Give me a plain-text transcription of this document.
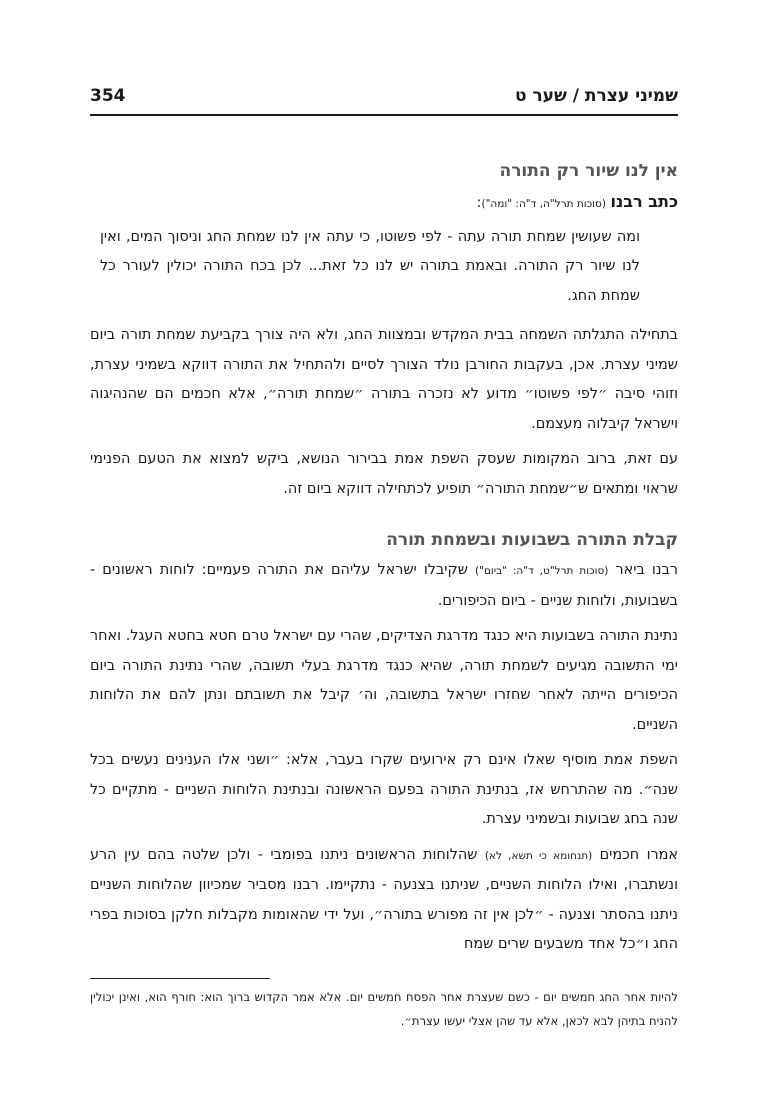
שמיני עצרת / שער ט
354
אין לנו שיור רק התורה

כתב רבנו (סוכות תרל"ה, ד"ה: "ומה"):

ומה שעושין שמחת תורה עתה - לפי פשוטו, כי עתה אין לנו שמחת החג וניסוך המים, ואין לנו שיור רק התורה. ובאמת בתורה יש לנו כל זאת... לכן בכח התורה יכולין לעורר כל שמחת החג.

בתחילה התגלתה השמחה בבית המקדש ובמצוות החג, ולא היה צורך בקביעת שמחת תורה ביום שמיני עצרת. אכן, בעקבות החורבן נולד הצורך לסיים ולהתחיל את התורה דווקא בשמיני עצרת, וזוהי סיבה ״לפי פשוטו״ מדוע לא נזכרה בתורה ״שמחת תורה״, אלא חכמים הם שהנהיגוה וישראל קיבלוה מעצמם.

עם זאת, ברוב המקומות שעסק השפת אמת בבירור הנושא, ביקש למצוא את הטעם הפנימי שראוי ומתאים ש״שמחת התורה״ תופיע לכתחילה דווקא ביום זה.

קבלת התורה בשבועות ובשמחת תורה

רבנו ביאר (סוכות תרל"ט, ד"ה: "ביום") שקיבלו ישראל עליהם את התורה פעמיים: לוחות ראשונים - בשבועות, ולוחות שניים - ביום הכיפורים.

נתינת התורה בשבועות היא כנגד מדרגת הצדיקים, שהרי עם ישראל טרם חטא בחטא העגל. ואחר ימי התשובה מגיעים לשמחת תורה, שהיא כנגד מדרגת בעלי תשובה, שהרי נתינת התורה ביום הכיפורים הייתה לאחר שחזרו ישראל בתשובה, וה׳ קיבל את תשובתם ונתן להם את הלוחות השניים.

השפת אמת מוסיף שאלו אינם רק אירועים שקרו בעבר, אלא: ״ושני אלו הענינים נעשים בכל שנה״. מה שהתרחש אז, בנתינת התורה בפעם הראשונה ובנתינת הלוחות השניים - מתקיים כל שנה בחג שבועות ובשמיני עצרת.

אמרו חכמים (תנחומא כי תשא, לא) שהלוחות הראשונים ניתנו בפומבי - ולכן שלטה בהם עין הרע ונשתברו, ואילו הלוחות השניים, שניתנו בצנעה - נתקיימו. רבנו מסביר שמכיוון שהלוחות השניים ניתנו בהסתר וצנעה - ״לכן אין זה מפורש בתורה״, ועל ידי שהאומות מקבלות חלקן בסוכות בפרי החג ו״כל אחד משבעים שרים שמח

להיות אחר החג חמשים יום - כשם שעצרת אחר הפסח חמשים יום. אלא אמר הקדוש ברוך הוא: חורף הוא, ואינן יכולין להניח בתיהן לבא לכאן, אלא עד שהן אצלי יעשו עצרת״.
